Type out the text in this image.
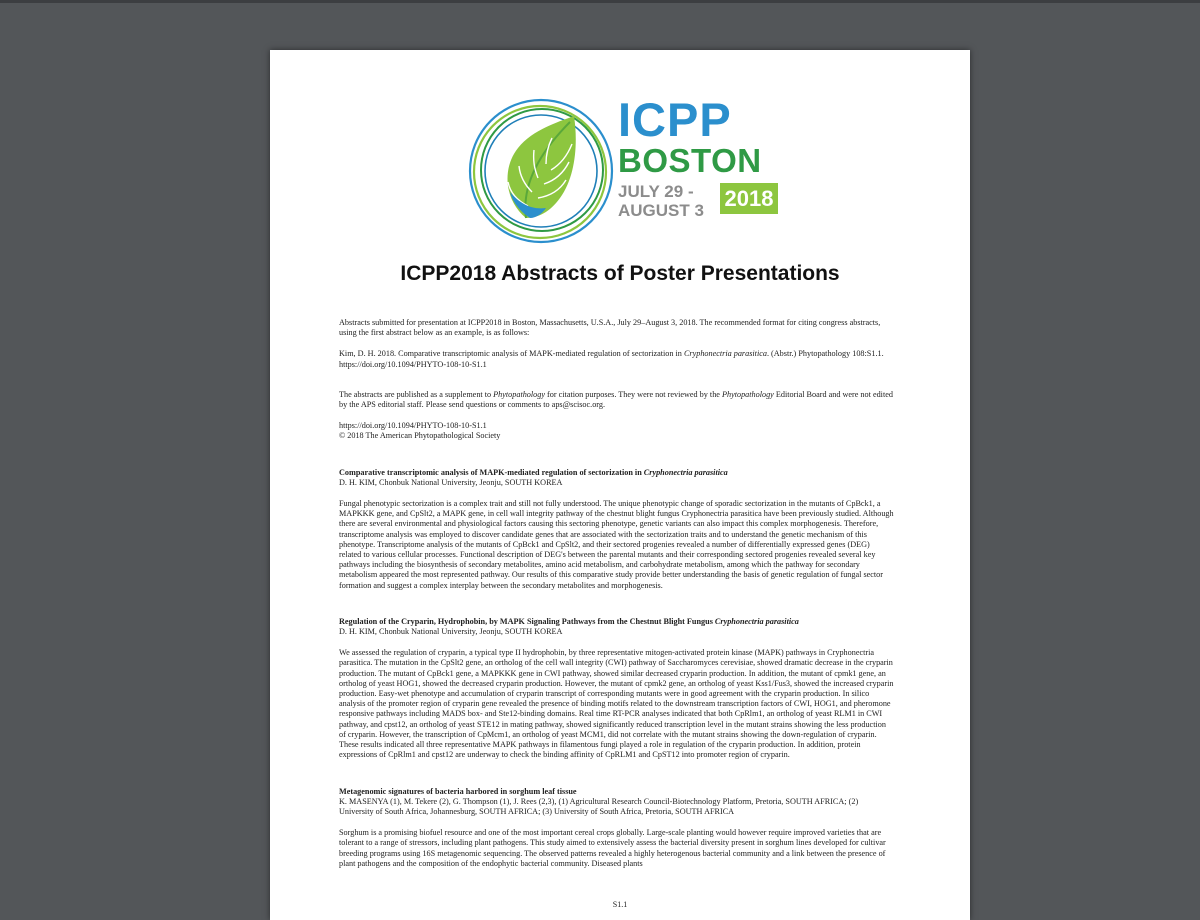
ICPP
BOSTON
JULY 29 -
AUGUST 3 2018
ICPP2018 Abstracts of Poster Presentations

Abstracts submitted for presentation at ICPP2018 in Boston, Massachusetts, U.S.A., July 29–August 3, 2018. The recommended format for citing congress abstracts, using the first abstract below as an example, is as follows:

Kim, D. H. 2018. Comparative transcriptomic analysis of MAPK-mediated regulation of sectorization in Cryphonectria parasitica. (Abstr.) Phytopathology 108:S1.1. https://doi.org/10.1094/PHYTO-108-10-S1.1

The abstracts are published as a supplement to Phytopathology for citation purposes. They were not reviewed by the Phytopathology Editorial Board and were not edited by the APS editorial staff. Please send questions or comments to aps@scisoc.org.

https://doi.org/10.1094/PHYTO-108-10-S1.1

© 2018 The American Phytopathological Society

Comparative transcriptomic analysis of MAPK-mediated regulation of sectorization in Cryphonectria parasitica

D. H. KIM, Chonbuk National University, Jeonju, SOUTH KOREA

Fungal phenotypic sectorization is a complex trait and still not fully understood. The unique phenotypic change of sporadic sectorization in the mutants of CpBck1, a MAPKKK gene, and CpSlt2, a MAPK gene, in cell wall integrity pathway of the chestnut blight fungus Cryphonectria parasitica have been previously studied. Although there are several environmental and physiological factors causing this sectoring phenotype, genetic variants can also impact this complex morphogenesis. Therefore, transcriptome analysis was employed to discover candidate genes that are associated with the sectorization traits and to understand the genetic mechanism of this phenotype. Transcriptome analysis of the mutants of CpBck1 and CpSlt2, and their sectored progenies revealed a number of differentially expressed genes (DEG) related to various cellular processes. Functional description of DEG's between the parental mutants and their corresponding sectored progenies revealed several key pathways including the biosynthesis of secondary metabolites, amino acid metabolism, and carbohydrate metabolism, among which the pathway for secondary metabolism appeared the most represented pathway. Our results of this comparative study provide better understanding the basis of genetic regulation of fungal sector formation and suggest a complex interplay between the secondary metabolites and morphogenesis.

Regulation of the Cryparin, Hydrophobin, by MAPK Signaling Pathways from the Chestnut Blight Fungus Cryphonectria parasitica

D. H. KIM, Chonbuk National University, Jeonju, SOUTH KOREA

We assessed the regulation of cryparin, a typical type II hydrophobin, by three representative mitogen-activated protein kinase (MAPK) pathways in Cryphonectria parasitica. The mutation in the CpSlt2 gene, an ortholog of the cell wall integrity (CWI) pathway of Saccharomyces cerevisiae, showed dramatic decrease in the cryparin production. The mutant of CpBck1 gene, a MAPKKK gene in CWI pathway, showed similar decreased cryparin production. In addition, the mutant of cpmk1 gene, an ortholog of yeast HOG1, showed the decreased cryparin production. However, the mutant of cpmk2 gene, an ortholog of yeast Kss1/Fus3, showed the increased cryparin production. Easy-wet phenotype and accumulation of cryparin transcript of corresponding mutants were in good agreement with the cryparin production. In silico analysis of the promoter region of cryparin gene revealed the presence of binding motifs related to the downstream transcription factors of CWI, HOG1, and pheromone responsive pathways including MADS box- and Ste12-binding domains. Real time RT-PCR analyses indicated that both CpRlm1, an ortholog of yeast RLM1 in CWI pathway, and cpst12, an ortholog of yeast STE12 in mating pathway, showed significantly reduced transcription level in the mutant strains showing the less production of cryparin. However, the transcription of CpMcm1, an ortholog of yeast MCM1, did not correlate with the mutant strains showing the down-regulation of cryparin. These results indicated all three representative MAPK pathways in filamentous fungi played a role in regulation of the cryparin production. In addition, protein expressions of CpRlm1 and cpst12 are underway to check the binding affinity of CpRLM1 and CpST12 into promoter region of cryparin.

Metagenomic signatures of bacteria harbored in sorghum leaf tissue

K. MASENYA (1), M. Tekere (2), G. Thompson (1), J. Rees (2,3), (1) Agricultural Research Council-Biotechnology Platform, Pretoria, SOUTH AFRICA; (2) University of South Africa, Johannesburg, SOUTH AFRICA; (3) University of South Africa, Pretoria, SOUTH AFRICA

Sorghum is a promising biofuel resource and one of the most important cereal crops globally. Large-scale planting would however require improved varieties that are tolerant to a range of stressors, including plant pathogens. This study aimed to extensively assess the bacterial diversity present in sorghum lines developed for cultivar breeding programs using 16S metagenomic sequencing. The observed patterns revealed a highly heterogenous bacterial community and a link between the presence of plant pathogens and the composition of the endophytic bacterial community. Diseased plants

S1.1
